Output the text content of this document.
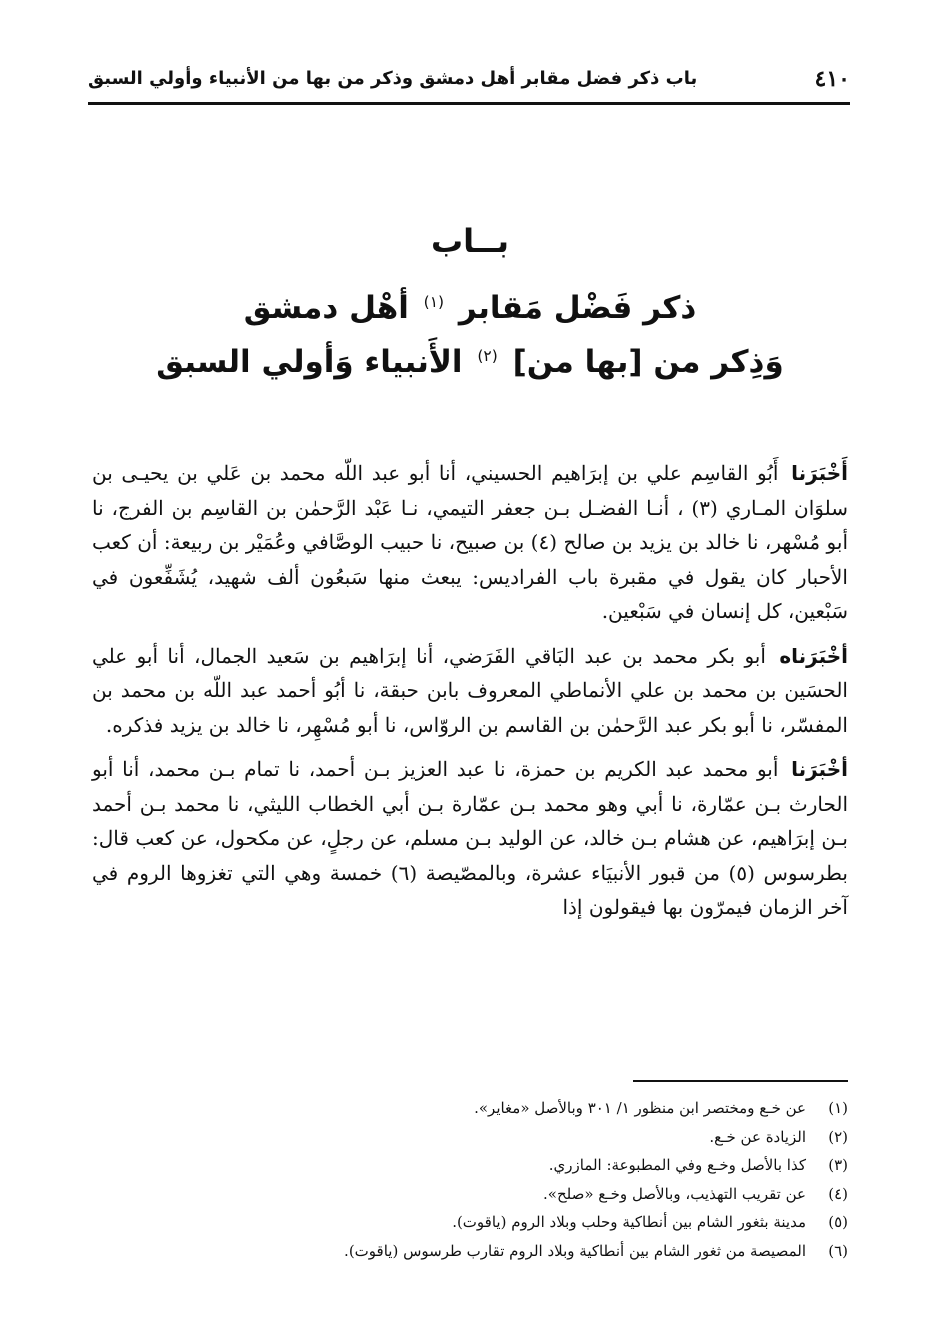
٤١٠
باب ذكر فضل مقابر أهل دمشق وذكر من بها من الأنبياء وأولي السبق
بــاب
ذكر فَضْل مَقابر $^{(١)}$ أهْل دمشق
وَذِكر من [بها من] $^{(٢)}$ الأَنبياء وَأولي السبق

أَخْبَرَنا أَبُو القاسِم علي بن إبرَاهيم الحسيني، أنا أبو عبد اللّه محمد بن عَلي بن يحيـى بن سلوَان المـاري (٣) ، أنـا الفضـل بـن جعفر التيمي، نـا عَبْد الرَّحمٰن بن القاسِم بن الفرج، نا أبو مُسْهر، نا خالد بن يزيد بن صالح (٤) بن صبيح، نا حبيب الوصَّافي وعُمَيْر بن ربيعة: أن كعب الأحبار كان يقول في مقبرة باب الفراديس: يبعث منها سَبعُون ألف شهيد، يُشَفِّعون في سَبْعين، كل إنسان في سَبْعين.

أخْبَرَناه أبو بكر محمد بن عبد البَاقي الفَرَضي، أنا إبرَاهيم بن سَعيد الجمال، أنا أبو علي الحسَين بن محمد بن علي الأنماطي المعروف بابن حبقة، نا أبُو أحمد عبد اللّه بن محمد بن المفسّر، نا أبو بكر عبد الرَّحمٰن بن القاسم بن الروّاس، نا أبو مُسْهِر، نا خالد بن يزيد فذكره.

أخْبَرَنا أبو محمد عبد الكريم بن حمزة، نا عبد العزيز بـن أحمد، نا تمام بـن محمد، أنا أبو الحارث بـن عمّارة، نا أبي وهو محمد بـن عمّارة بـن أبي الخطاب الليثي، نا محمد بـن أحمد بـن إبرَاهيم، عن هشام بـن خالد، عن الوليد بـن مسلم، عن رجلٍ، عن مكحول، عن كعب قال: بطرسوس (٥) من قبور الأنبيَاء عشرة، وبالمصّيصة (٦) خمسة وهي التي تغزوها الروم في آخر الزمان فيمرّون بها فيقولون إذا

(١)عن خـع ومختصر ابن منظور ١/ ٣٠١ وبالأصل «مغاير».
(٢)الزيادة عن خـع.
(٣)كذا بالأصل وخـع وفي المطبوعة: المازري.
(٤)عن تقريب التهذيب، وبالأصل وخـع «صلح».
(٥)مدينة بثغور الشام بين أنطاكية وحلب وبلاد الروم (ياقوت).
(٦)المصيصة من ثغور الشام بين أنطاكية وبلاد الروم تقارب طرسوس (ياقوت).
